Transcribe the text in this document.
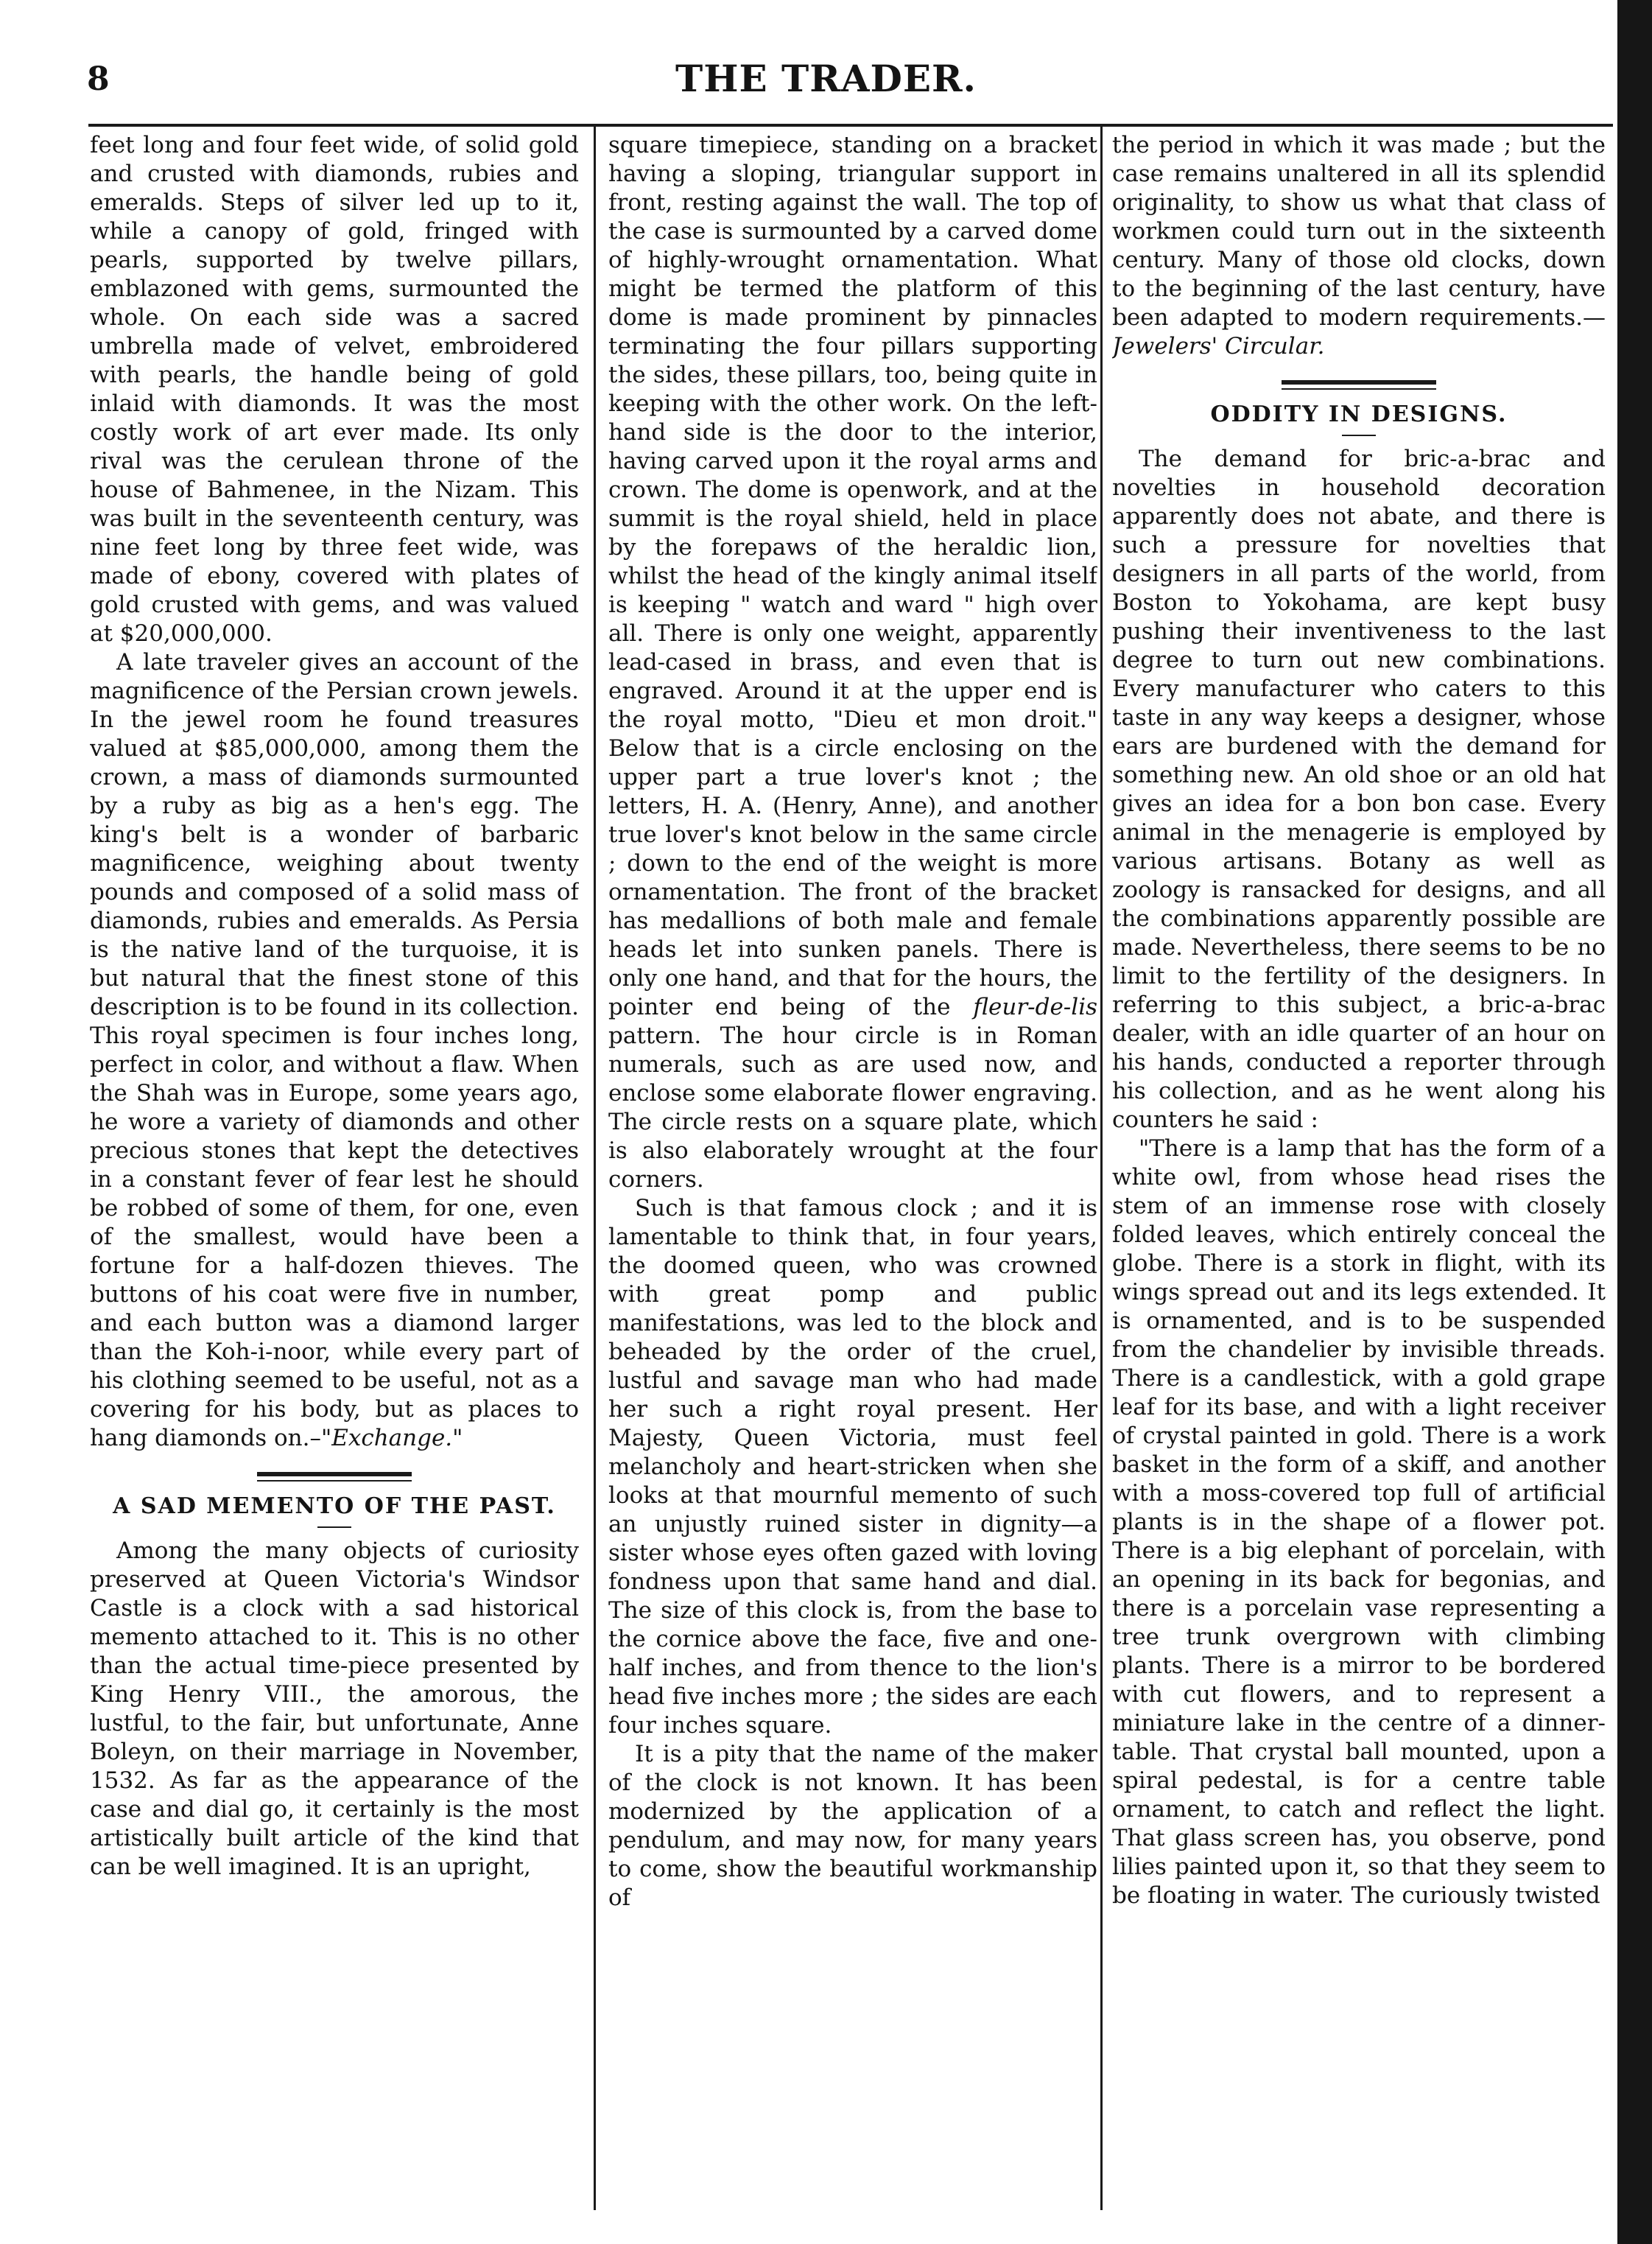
8	THE TRADER.

feet long and four feet wide, of solid gold and crusted with diamonds, rubies and emeralds. Steps of silver led up to it, while a canopy of gold, fringed with pearls, supported by twelve pillars, emblazoned with gems, surmounted the whole. On each side was a sacred umbrella made of velvet, embroidered with pearls, the handle being of gold inlaid with diamonds. It was the most costly work of art ever made. Its only rival was the cerulean throne of the house of Bahmenee, in the Nizam. This was built in the seventeenth century, was nine feet long by three feet wide, was made of ebony, covered with plates of gold crusted with gems, and was valued at $20,000,000.

A late traveler gives an account of the magnificence of the Persian crown jewels. In the jewel room he found treasures valued at $85,000,000, among them the crown, a mass of diamonds surmounted by a ruby as big as a hen's egg. The king's belt is a wonder of barbaric magnificence, weighing about twenty pounds and composed of a solid mass of diamonds, rubies and emeralds. As Persia is the native land of the turquoise, it is but natural that the finest stone of this description is to be found in its collection. This royal specimen is four inches long, perfect in color, and without a flaw. When the Shah was in Europe, some years ago, he wore a variety of diamonds and other precious stones that kept the detectives in a constant fever of fear lest he should be robbed of some of them, for one, even of the smallest, would have been a fortune for a half-dozen thieves. The buttons of his coat were five in number, and each button was a diamond larger than the Koh-i-noor, while every part of his clothing seemed to be useful, not as a covering for his body, but as places to hang diamonds on.–"Exchange."

A SAD MEMENTO OF THE PAST.

Among the many objects of curiosity preserved at Queen Victoria's Windsor Castle is a clock with a sad historical memento attached to it. This is no other than the actual time-piece presented by King Henry VIII., the amorous, the lustful, to the fair, but unfortunate, Anne Boleyn, on their marriage in November, 1532. As far as the appearance of the case and dial go, it certainly is the most artistically built article of the kind that can be well imagined. It is an upright,

square timepiece, standing on a bracket having a sloping, triangular support in front, resting against the wall. The top of the case is surmounted by a carved dome of highly-wrought ornamentation. What might be termed the platform of this dome is made prominent by pinnacles terminating the four pillars supporting the sides, these pillars, too, being quite in keeping with the other work. On the left-hand side is the door to the interior, having carved upon it the royal arms and crown. The dome is openwork, and at the summit is the royal shield, held in place by the forepaws of the heraldic lion, whilst the head of the kingly animal itself is keeping " watch and ward " high over all. There is only one weight, apparently lead-cased in brass, and even that is engraved. Around it at the upper end is the royal motto, "Dieu et mon droit." Below that is a circle enclosing on the upper part a true lover's knot ; the letters, H. A. (Henry, Anne), and another true lover's knot below in the same circle ; down to the end of the weight is more ornamentation. The front of the bracket has medallions of both male and female heads let into sunken panels. There is only one hand, and that for the hours, the pointer end being of the fleur-de-lis pattern. The hour circle is in Roman numerals, such as are used now, and enclose some elaborate flower engraving. The circle rests on a square plate, which is also elaborately wrought at the four corners.

Such is that famous clock ; and it is lamentable to think that, in four years, the doomed queen, who was crowned with great pomp and public manifestations, was led to the block and beheaded by the order of the cruel, lustful and savage man who had made her such a right royal present. Her Majesty, Queen Victoria, must feel melancholy and heart-stricken when she looks at that mournful memento of such an unjustly ruined sister in dignity—a sister whose eyes often gazed with loving fondness upon that same hand and dial. The size of this clock is, from the base to the cornice above the face, five and one-half inches, and from thence to the lion's head five inches more ; the sides are each four inches square.

It is a pity that the name of the maker of the clock is not known. It has been modernized by the application of a pendulum, and may now, for many years to come, show the beautiful workmanship of

the period in which it was made ; but the case remains unaltered in all its splendid originality, to show us what that class of workmen could turn out in the sixteenth century. Many of those old clocks, down to the beginning of the last century, have been adapted to modern requirements.—Jewelers' Circular.

ODDITY IN DESIGNS.

The demand for bric-a-brac and novelties in household decoration apparently does not abate, and there is such a pressure for novelties that designers in all parts of the world, from Boston to Yokohama, are kept busy pushing their inventiveness to the last degree to turn out new combinations. Every manufacturer who caters to this taste in any way keeps a designer, whose ears are burdened with the demand for something new. An old shoe or an old hat gives an idea for a bon bon case. Every animal in the menagerie is employed by various artisans. Botany as well as zoology is ransacked for designs, and all the combinations apparently possible are made. Nevertheless, there seems to be no limit to the fertility of the designers. In referring to this subject, a bric-a-brac dealer, with an idle quarter of an hour on his hands, conducted a reporter through his collection, and as he went along his counters he said :

"There is a lamp that has the form of a white owl, from whose head rises the stem of an immense rose with closely folded leaves, which entirely conceal the globe. There is a stork in flight, with its wings spread out and its legs extended. It is ornamented, and is to be suspended from the chandelier by invisible threads. There is a candlestick, with a gold grape leaf for its base, and with a light receiver of crystal painted in gold. There is a work basket in the form of a skiff, and another with a moss-covered top full of artificial plants is in the shape of a flower pot. There is a big elephant of porcelain, with an opening in its back for begonias, and there is a porcelain vase representing a tree trunk overgrown with climbing plants. There is a mirror to be bordered with cut flowers, and to represent a miniature lake in the centre of a dinner-table. That crystal ball mounted, upon a spiral pedestal, is for a centre table ornament, to catch and reflect the light. That glass screen has, you observe, pond lilies painted upon it, so that they seem to be floating in water. The curiously twisted
